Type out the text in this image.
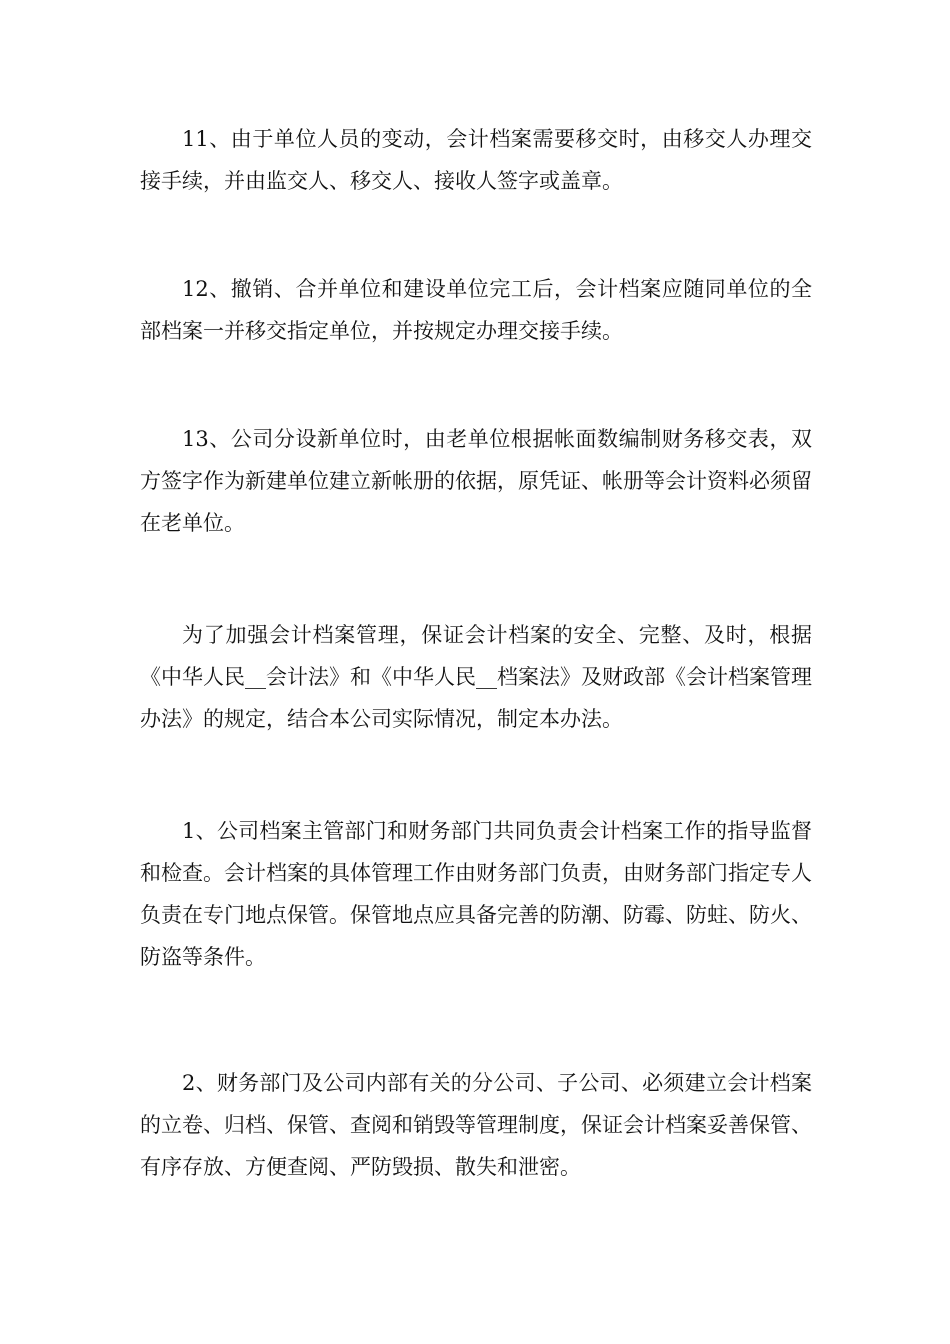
11、由于单位人员的变动，会计档案需要移交时，由移交人办理交接手续，并由监交人、移交人、接收人签字或盖章。

12、撤销、合并单位和建设单位完工后，会计档案应随同单位的全部档案一并移交指定单位，并按规定办理交接手续。

13、公司分设新单位时，由老单位根据帐面数编制财务移交表，双方签字作为新建单位建立新帐册的依据，原凭证、帐册等会计资料必须留在老单位。

为了加强会计档案管理，保证会计档案的安全、完整、及时，根据《中华人民__会计法》和《中华人民__档案法》及财政部《会计档案管理办法》的规定，结合本公司实际情况，制定本办法。

1、公司档案主管部门和财务部门共同负责会计档案工作的指导监督和检查。会计档案的具体管理工作由财务部门负责，由财务部门指定专人负责在专门地点保管。保管地点应具备完善的防潮、防霉、防蛀、防火、防盗等条件。

2、财务部门及公司内部有关的分公司、子公司、必须建立会计档案的立卷、归档、保管、查阅和销毁等管理制度，保证会计档案妥善保管、有序存放、方便查阅、严防毁损、散失和泄密。
